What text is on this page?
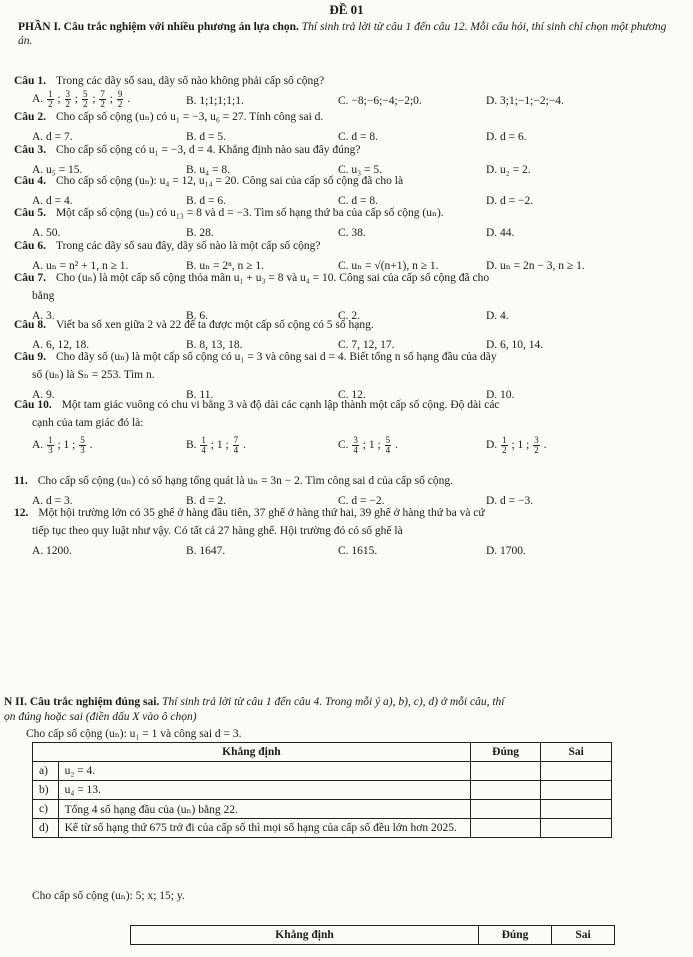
ĐỀ 01
PHẦN I. Câu trắc nghiệm với nhiều phương án lựa chọn. Thí sinh trả lời từ câu 1 đến câu 12. Mỗi câu hỏi, thí sinh chỉ chọn một phương án.
Câu 1. Trong các dãy số sau, dãy số nào không phải cấp số cộng?
A. $\frac{1}{2}$ ; $\frac{3}{2}$ ; $\frac{5}{2}$ ; $\frac{7}{2}$ ; $\frac{9}{2}$ .	B. 1;1;1;1;1.	C. −8;−6;−4;−2;0.	D. 3;1;−1;−2;−4.
Câu 2. Cho cấp số cộng (uₙ) có u₁ = −3, u₆ = 27. Tính công sai d.
A. d = 7.	B. d = 5.	C. d = 8.	D. d = 6.
Câu 3. Cho cấp số cộng có u₁ = −3, d = 4. Khẳng định nào sau đây đúng?
A. u₅ = 15.	B. u₄ = 8.	C. u₃ = 5.	D. u₂ = 2.
Câu 4. Cho cấp số cộng (uₙ): u₄ = 12, u₁₄ = 20. Công sai của cấp số cộng đã cho là
A. d = 4.	B. d = 6.	C. d = 8.	D. d = −2.
Câu 5. Một cấp số cộng (uₙ) có u₁₃ = 8 và d = −3. Tìm số hạng thứ ba của cấp số cộng (uₙ).
A. 50.	B. 28.	C. 38.	D. 44.
Câu 6. Trong các dãy số sau đây, dãy số nào là một cấp số cộng?
A. uₙ = n² + 1, n ≥ 1.	B. uₙ = 2ⁿ, n ≥ 1.	C. uₙ = √(n+1), n ≥ 1.	D. uₙ = 2n − 3, n ≥ 1.
Câu 7. Cho (uₙ) là một cấp số cộng thỏa mãn u₁ + u₃ = 8 và u₄ = 10. Công sai của cấp số cộng đã cho
bằng
A. 3.	B. 6.	C. 2.	D. 4.
Câu 8. Viết ba số xen giữa 2 và 22 để ta được một cấp số cộng có 5 số hạng.
A. 6, 12, 18.	B. 8, 13, 18.	C. 7, 12, 17.	D. 6, 10, 14.
Câu 9. Cho dãy số (uₙ) là một cấp số cộng có u₁ = 3 và công sai d = 4. Biết tổng n số hạng đầu của dãy
số (uₙ) là Sₙ = 253. Tìm n.
A. 9.	B. 11.	C. 12.	D. 10.
Câu 10. Một tam giác vuông có chu vi bằng 3 và độ dài các cạnh lập thành một cấp số cộng. Độ dài các
cạnh của tam giác đó là:
A. $\frac{1}{3}$ ; 1 ; $\frac{5}{3}$ .	B. $\frac{1}{4}$ ; 1 ; $\frac{7}{4}$ .	C. $\frac{3}{4}$ ; 1 ; $\frac{5}{4}$ .	D. $\frac{1}{2}$ ; 1 ; $\frac{3}{2}$ .
11. Cho cấp số cộng (uₙ) có số hạng tổng quát là uₙ = 3n − 2. Tìm công sai d của cấp số cộng.
A. d = 3.	B. d = 2.	C. d = −2.	D. d = −3.
12. Một hội trường lớn có 35 ghế ở hàng đầu tiên, 37 ghế ở hàng thứ hai, 39 ghế ở hàng thứ ba và cứ
tiếp tục theo quy luật như vậy. Có tất cả 27 hàng ghế. Hội trường đó có số ghế là
A. 1200.	B. 1647.	C. 1615.	D. 1700.
N II. Câu trắc nghiệm đúng sai. Thí sinh trả lời từ câu 1 đến câu 4. Trong mỗi ý a), b), c), d) ở mỗi câu, thí
ọn đúng hoặc sai (điền dấu X vào ô chọn)
Cho cấp số cộng (uₙ): u₁ = 1 và công sai d = 3.
Khẳng định		Đúng	Sai
a)	u₂ = 4.		
b)	u₄ = 13.		
c)	Tổng 4 số hạng đầu của (uₙ) bằng 22.		
d)	Kể từ số hạng thứ 675 trở đi của cấp số thì mọi số hạng của cấp số đều lớn hơn 2025.		
Cho cấp số cộng (uₙ): 5; x; 15; y.
Khẳng định	Đúng	Sai
